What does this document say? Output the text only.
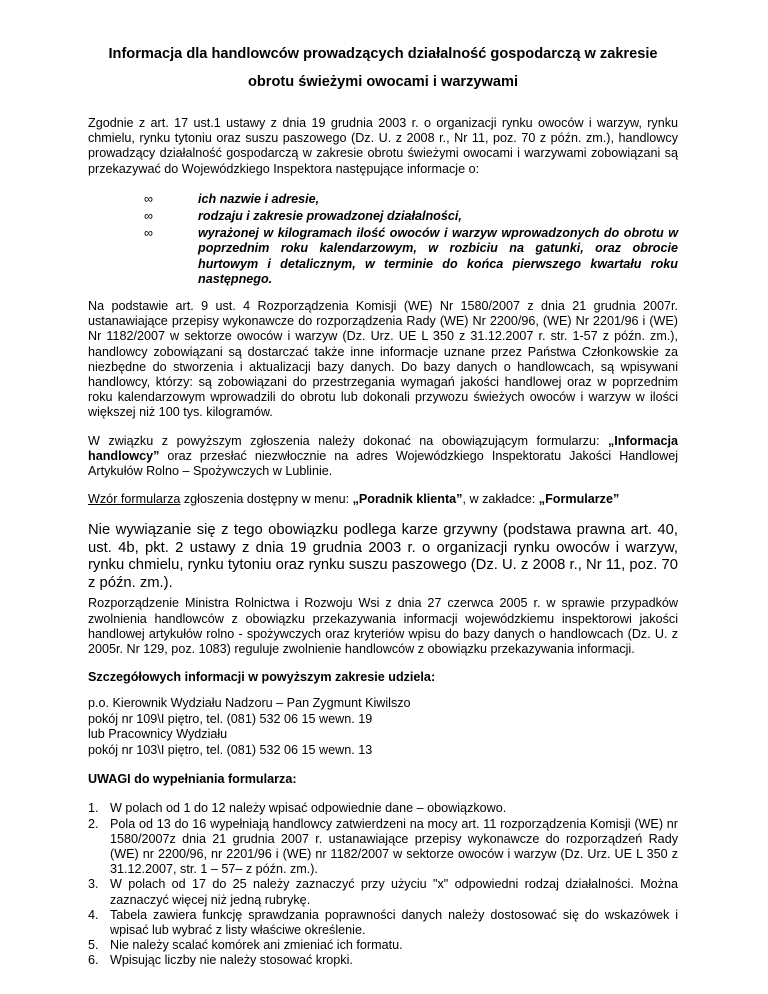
Informacja dla handlowców prowadzących działalność gospodarczą w zakresie
obrotu świeżymi owocami i warzywami

Zgodnie z art. 17 ust.1 ustawy z dnia 19 grudnia 2003 r. o organizacji rynku owoców i warzyw, rynku chmielu, rynku tytoniu oraz suszu paszowego (Dz. U. z 2008 r., Nr 11, poz. 70 z późn. zm.), handlowcy prowadzący działalność gospodarczą w zakresie obrotu świeżymi owocami i warzywami zobowiązani są przekazywać do Wojewódzkiego Inspektora następujące informacje o:

∞	ich nazwie i adresie,
∞	rodzaju i zakresie prowadzonej działalności,
∞	wyrażonej w kilogramach ilość owoców i warzyw wprowadzonych do obrotu w poprzednim roku kalendarzowym, w rozbiciu na gatunki, oraz obrocie hurtowym i detalicznym, w terminie do końca pierwszego kwartału roku następnego.

Na podstawie art. 9 ust. 4 Rozporządzenia Komisji (WE) Nr 1580/2007 z dnia 21 grudnia 2007r. ustanawiające przepisy wykonawcze do rozporządzenia Rady (WE) Nr 2200/96, (WE) Nr 2201/96 i (WE) Nr 1182/2007 w sektorze owoców i warzyw (Dz. Urz. UE L 350 z 31.12.2007 r. str. 1-57 z późn. zm.), handlowcy zobowiązani są dostarczać także inne informacje uznane przez Państwa Członkowskie za niezbędne do stworzenia i aktualizacji bazy danych. Do bazy danych o handlowcach, są wpisywani handlowcy, którzy: są zobowiązani do przestrzegania wymagań jakości handlowej oraz w poprzednim roku kalendarzowym wprowadzili do obrotu lub dokonali przywozu świeżych owoców i warzyw w ilości większej niż 100 tys. kilogramów.

W związku z powyższym zgłoszenia należy dokonać na obowiązującym formularzu: „Informacja handlowcy” oraz przesłać niezwłocznie na adres Wojewódzkiego Inspektoratu Jakości Handlowej Artykułów Rolno – Spożywczych w Lublinie.

Wzór formularza zgłoszenia dostępny w menu: „Poradnik klienta”, w zakładce: „Formularze”

Nie wywiązanie się z tego obowiązku podlega karze grzywny (podstawa prawna art. 40, ust. 4b, pkt. 2 ustawy z dnia 19 grudnia 2003 r. o organizacji rynku owoców i warzyw, rynku chmielu, rynku tytoniu oraz rynku suszu paszowego (Dz. U. z 2008 r., Nr 11, poz. 70 z późn. zm.).

Rozporządzenie Ministra Rolnictwa i Rozwoju Wsi z dnia 27 czerwca 2005 r. w sprawie przypadków zwolnienia handlowców z obowiązku przekazywania informacji wojewódzkiemu inspektorowi jakości handlowej artykułów rolno - spożywczych oraz kryteriów wpisu do bazy danych o handlowcach (Dz. U. z 2005r. Nr 129, poz. 1083) reguluje zwolnienie handlowców z obowiązku przekazywania informacji.

Szczegółowych informacji w powyższym zakresie udziela:

p.o. Kierownik Wydziału Nadzoru – Pan Zygmunt Kiwilszo
pokój nr 109\I piętro, tel. (081) 532 06 15 wewn. 19
lub Pracownicy Wydziału
pokój nr 103\I piętro, tel. (081) 532 06 15 wewn. 13

UWAGI do wypełniania formularza:

1. W polach od 1 do 12 należy wpisać odpowiednie dane – obowiązkowo.
2. Pola od 13 do 16 wypełniają handlowcy zatwierdzeni na mocy art. 11 rozporządzenia Komisji (WE) nr 1580/2007z dnia 21 grudnia 2007 r. ustanawiające przepisy wykonawcze do rozporządzeń Rady (WE) nr 2200/96, nr 2201/96 i (WE) nr 1182/2007 w sektorze owoców i warzyw (Dz. Urz. UE L 350 z 31.12.2007, str. 1 – 57– z późn. zm.).
3. W polach od 17 do 25 należy zaznaczyć przy użyciu "x" odpowiedni rodzaj działalności. Można zaznaczyć więcej niż jedną rubrykę.
4. Tabela zawiera funkcję sprawdzania poprawności danych należy dostosować się do wskazówek i wpisać lub wybrać z listy właściwe określenie.
5. Nie należy scalać komórek ani zmieniać ich formatu.
6. Wpisując liczby nie należy stosować kropki.
